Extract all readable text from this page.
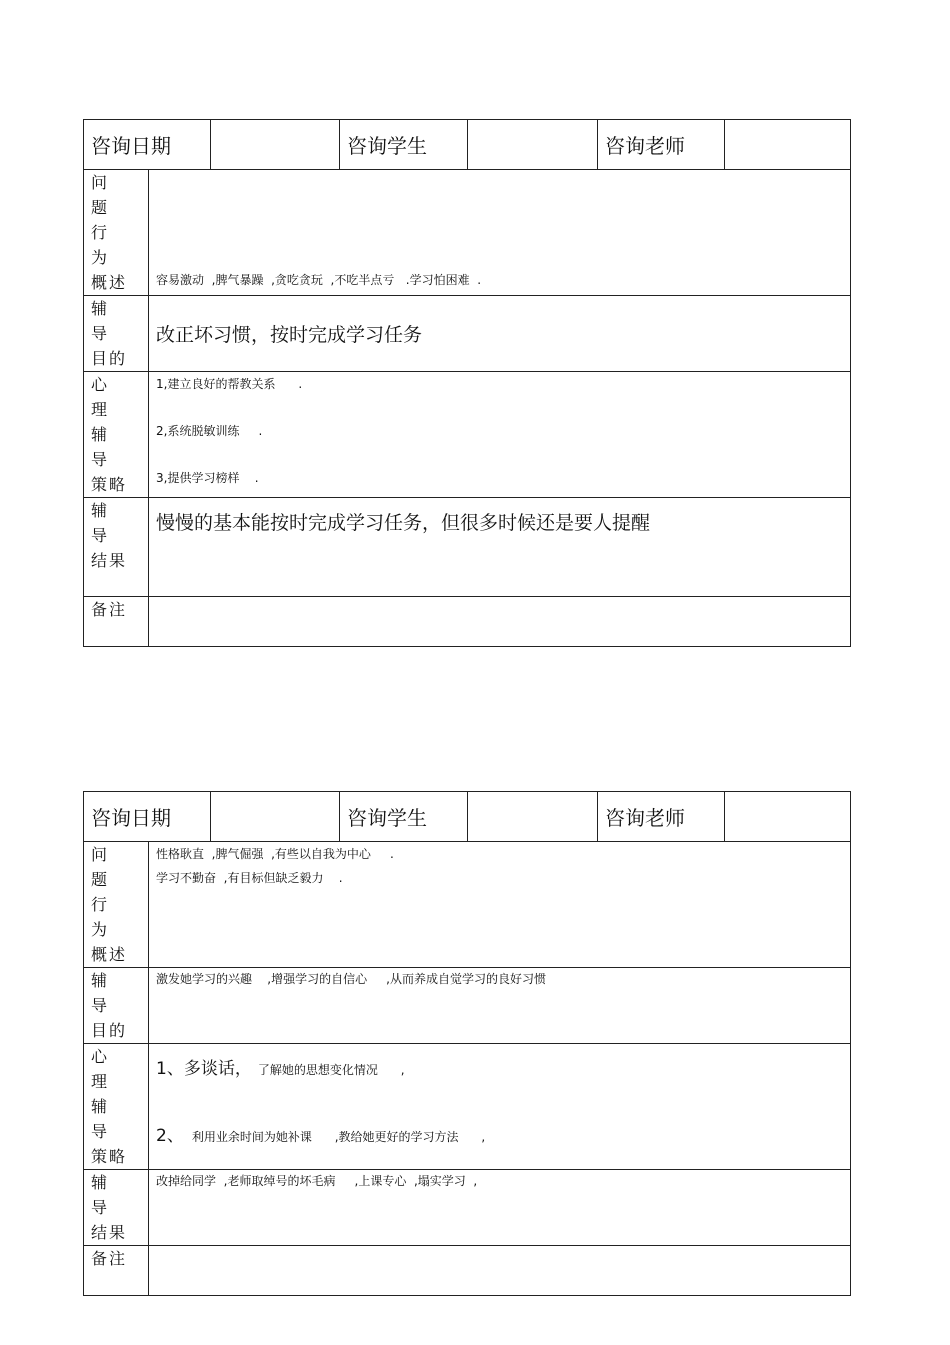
咨询日期			咨询学生		咨询老师	

问 题
行 为
概述	容易激动  ,脾气暴躁  ,贪吃贪玩  ,不吃半点亏   .学习怕困难  .					

辅 导
目的	改正坏习惯，按时完成学习任务					

心 理
辅 导
策略	1,建立良好的帮教关系      .
2,系统脱敏训练     .
3,提供学习榜样    .					

辅 导
结果	慢慢的基本能按时完成学习任务，但很多时候还是要人提醒					
备注						
咨询日期			咨询学生		咨询老师	

问 题
行 为
概述	性格耿直  ,脾气倔强  ,有些以自我为中心     .
学习不勤奋  ,有目标但缺乏毅力    .					

辅 导
目的	激发她学习的兴趣    ,增强学习的自信心     ,从而养成自觉学习的良好习惯					

心 理
辅 导
策略	1、多谈话， 了解她的思想变化情况      ,
2、 利用业余时间为她补课      ,教给她更好的学习方法      ,					

辅 导
结果	改掉给同学  ,老师取绰号的坏毛病     ,上课专心  ,塌实学习  ,					
备注						
